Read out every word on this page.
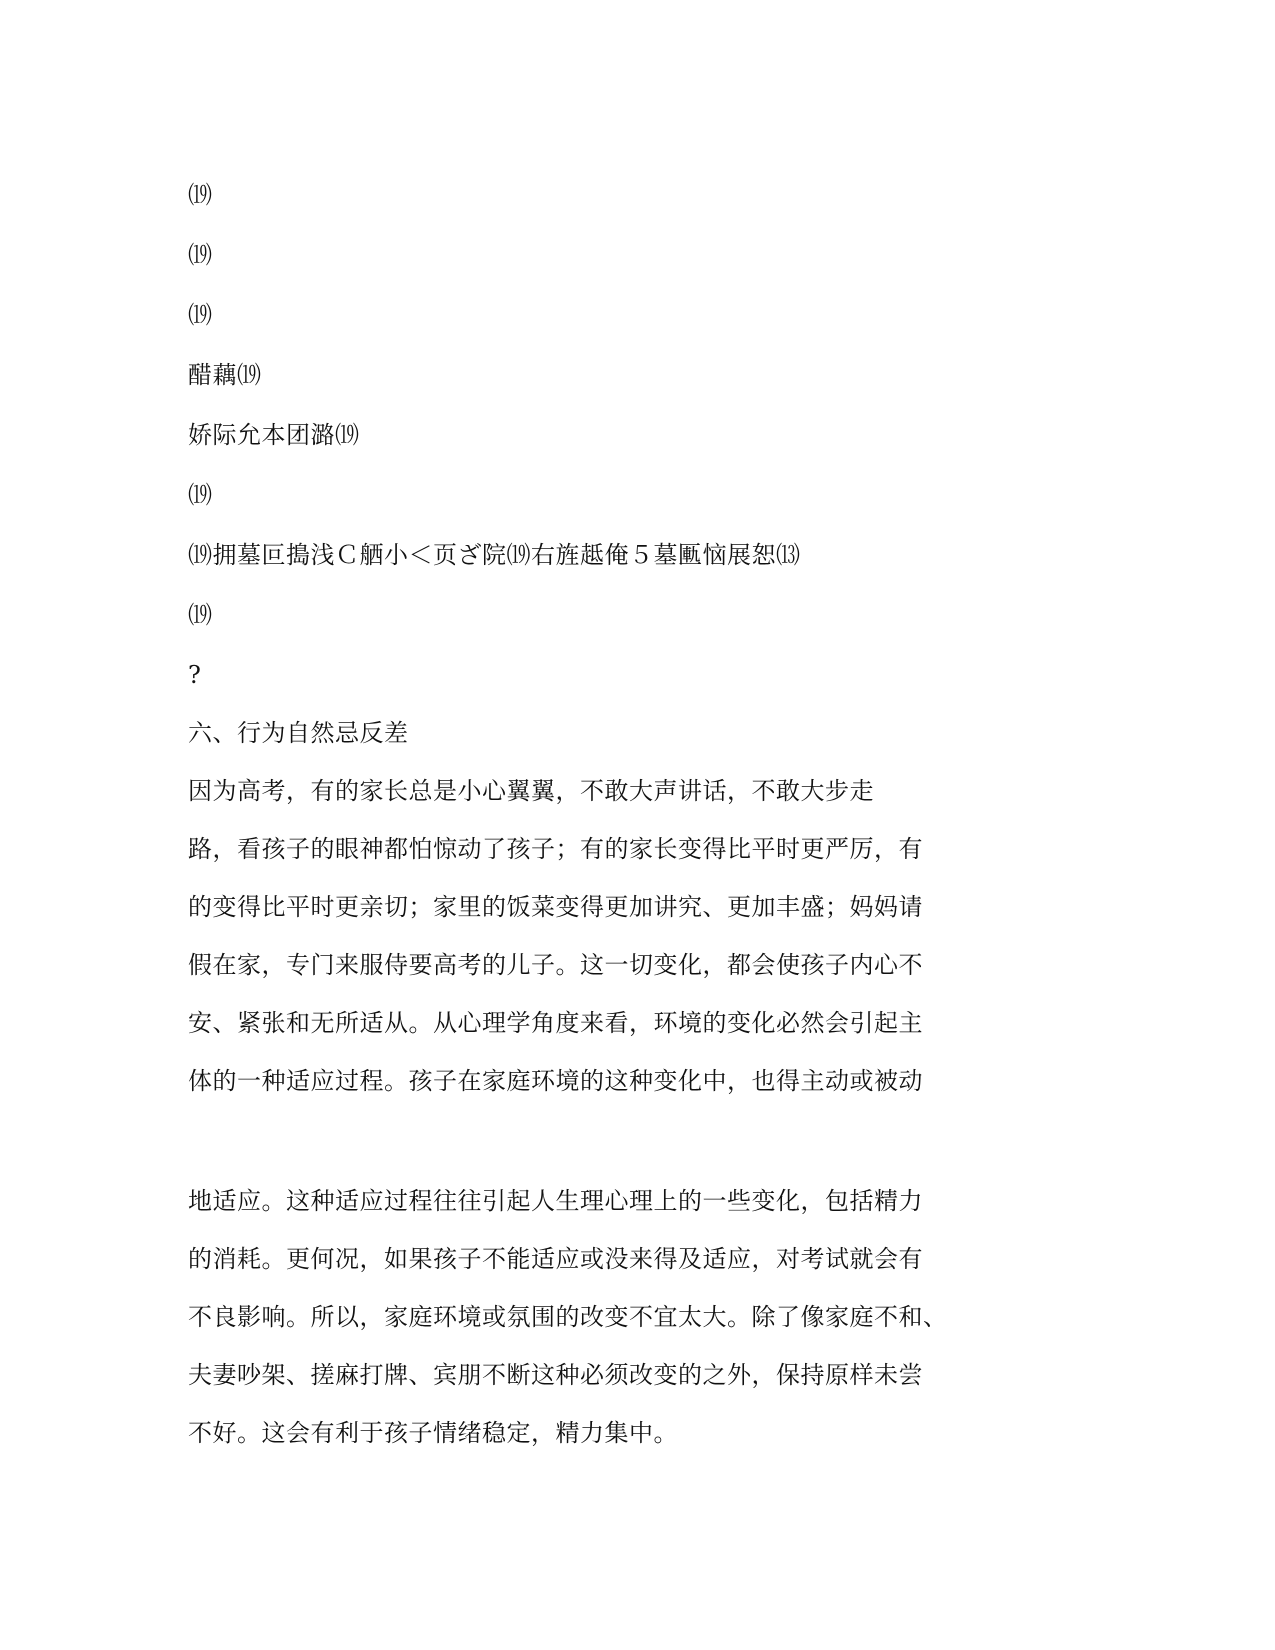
⒆
⒆
⒆
醋藕⒆
娇际允本团潞⒆
⒆
⒆拥墓叵搗浅Ｃ舾小＜页ざ院⒆右旌趆俺５墓匭恼展恕⒀
⒆
?
六、行为自然忌反差
因为高考，有的家长总是小心翼翼，不敢大声讲话，不敢大步走
路，看孩子的眼神都怕惊动了孩子；有的家长变得比平时更严厉，有
的变得比平时更亲切；家里的饭菜变得更加讲究、更加丰盛；妈妈请
假在家，专门来服侍要高考的儿子。这一切变化，都会使孩子内心不
安、紧张和无所适从。从心理学角度来看，环境的变化必然会引起主
体的一种适应过程。孩子在家庭环境的这种变化中，也得主动或被动
地适应。这种适应过程往往引起人生理心理上的一些变化，包括精力
的消耗。更何况，如果孩子不能适应或没来得及适应，对考试就会有
不良影响。所以，家庭环境或氛围的改变不宜太大。除了像家庭不和、
夫妻吵架、搓麻打牌、宾朋不断这种必须改变的之外，保持原样未尝
不好。这会有利于孩子情绪稳定，精力集中。
